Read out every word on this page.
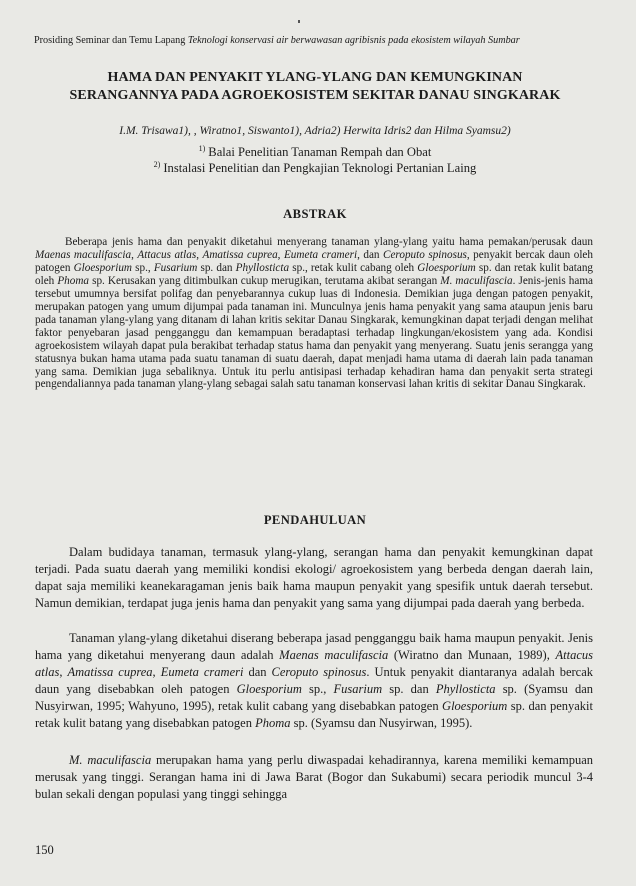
Prosiding Seminar dan Temu Lapang Teknologi konservasi air berwawasan agribisnis pada ekosistem wilayah Sumbar
HAMA DAN PENYAKIT YLANG-YLANG DAN KEMUNGKINAN
SERANGANNYA PADA AGROEKOSISTEM SEKITAR DANAU SINGKARAK
I.M. Trisawa1), , Wiratno1, Siswanto1), Adria2) Herwita Idris2 dan Hilma Syamsu2)
$^{1)}$ Balai Penelitian Tanaman Rempah dan Obat
$^{2)}$ Instalasi Penelitian dan Pengkajian Teknologi Pertanian Laing
ABSTRAK

Beberapa jenis hama dan penyakit diketahui menyerang tanaman ylang-ylang yaitu hama pemakan/perusak daun Maenas maculifascia, Attacus atlas, Amatissa cuprea, Eumeta crameri, dan Ceroputo spinosus, penyakit bercak daun oleh patogen Gloesporium sp., Fusarium sp. dan Phyllosticta sp., retak kulit cabang oleh Gloesporium sp. dan retak kulit batang oleh Phoma sp. Kerusakan yang ditimbulkan cukup merugikan, terutama akibat serangan M. maculifascia. Jenis-jenis hama tersebut umumnya bersifat polifag dan penyebarannya cukup luas di Indonesia. Demikian juga dengan patogen penyakit, merupakan patogen yang umum dijumpai pada tanaman ini. Munculnya jenis hama penyakit yang sama ataupun jenis baru pada tanaman ylang-ylang yang ditanam di lahan kritis sekitar Danau Singkarak, kemungkinan dapat terjadi dengan melihat faktor penyebaran jasad pengganggu dan kemampuan beradaptasi terhadap lingkungan/ekosistem yang ada. Kondisi agroekosistem wilayah dapat pula berakibat terhadap status hama dan penyakit yang menyerang. Suatu jenis serangga yang statusnya bukan hama utama pada suatu tanaman di suatu daerah, dapat menjadi hama utama di daerah lain pada tanaman yang sama. Demikian juga sebaliknya. Untuk itu perlu antisipasi terhadap kehadiran hama dan penyakit serta strategi pengendaliannya pada tanaman ylang-ylang sebagai salah satu tanaman konservasi lahan kritis di sekitar Danau Singkarak.

PENDAHULUAN

Dalam budidaya tanaman, termasuk ylang-ylang, serangan hama dan penyakit kemungkinan dapat terjadi. Pada suatu daerah yang memiliki kondisi ekologi/ agroekosistem yang berbeda dengan daerah lain, dapat saja memiliki keanekaragaman jenis baik hama maupun penyakit yang spesifik untuk daerah tersebut. Namun demikian, terdapat juga jenis hama dan penyakit yang sama yang dijumpai pada daerah yang berbeda.

Tanaman ylang-ylang diketahui diserang beberapa jasad pengganggu baik hama maupun penyakit. Jenis hama yang diketahui menyerang daun adalah Maenas maculifascia (Wiratno dan Munaan, 1989), Attacus atlas, Amatissa cuprea, Eumeta crameri dan Ceroputo spinosus. Untuk penyakit diantaranya adalah bercak daun yang disebabkan oleh patogen Gloesporium sp., Fusarium sp. dan Phyllosticta sp. (Syamsu dan Nusyirwan, 1995; Wahyuno, 1995), retak kulit cabang yang disebabkan patogen Gloesporium sp. dan penyakit retak kulit batang yang disebabkan patogen Phoma sp. (Syamsu dan Nusyirwan, 1995).

M. maculifascia merupakan hama yang perlu diwaspadai kehadirannya, karena memiliki kemampuan merusak yang tinggi. Serangan hama ini di Jawa Barat (Bogor dan Sukabumi) secara periodik muncul 3-4 bulan sekali dengan populasi yang tinggi sehingga

150
